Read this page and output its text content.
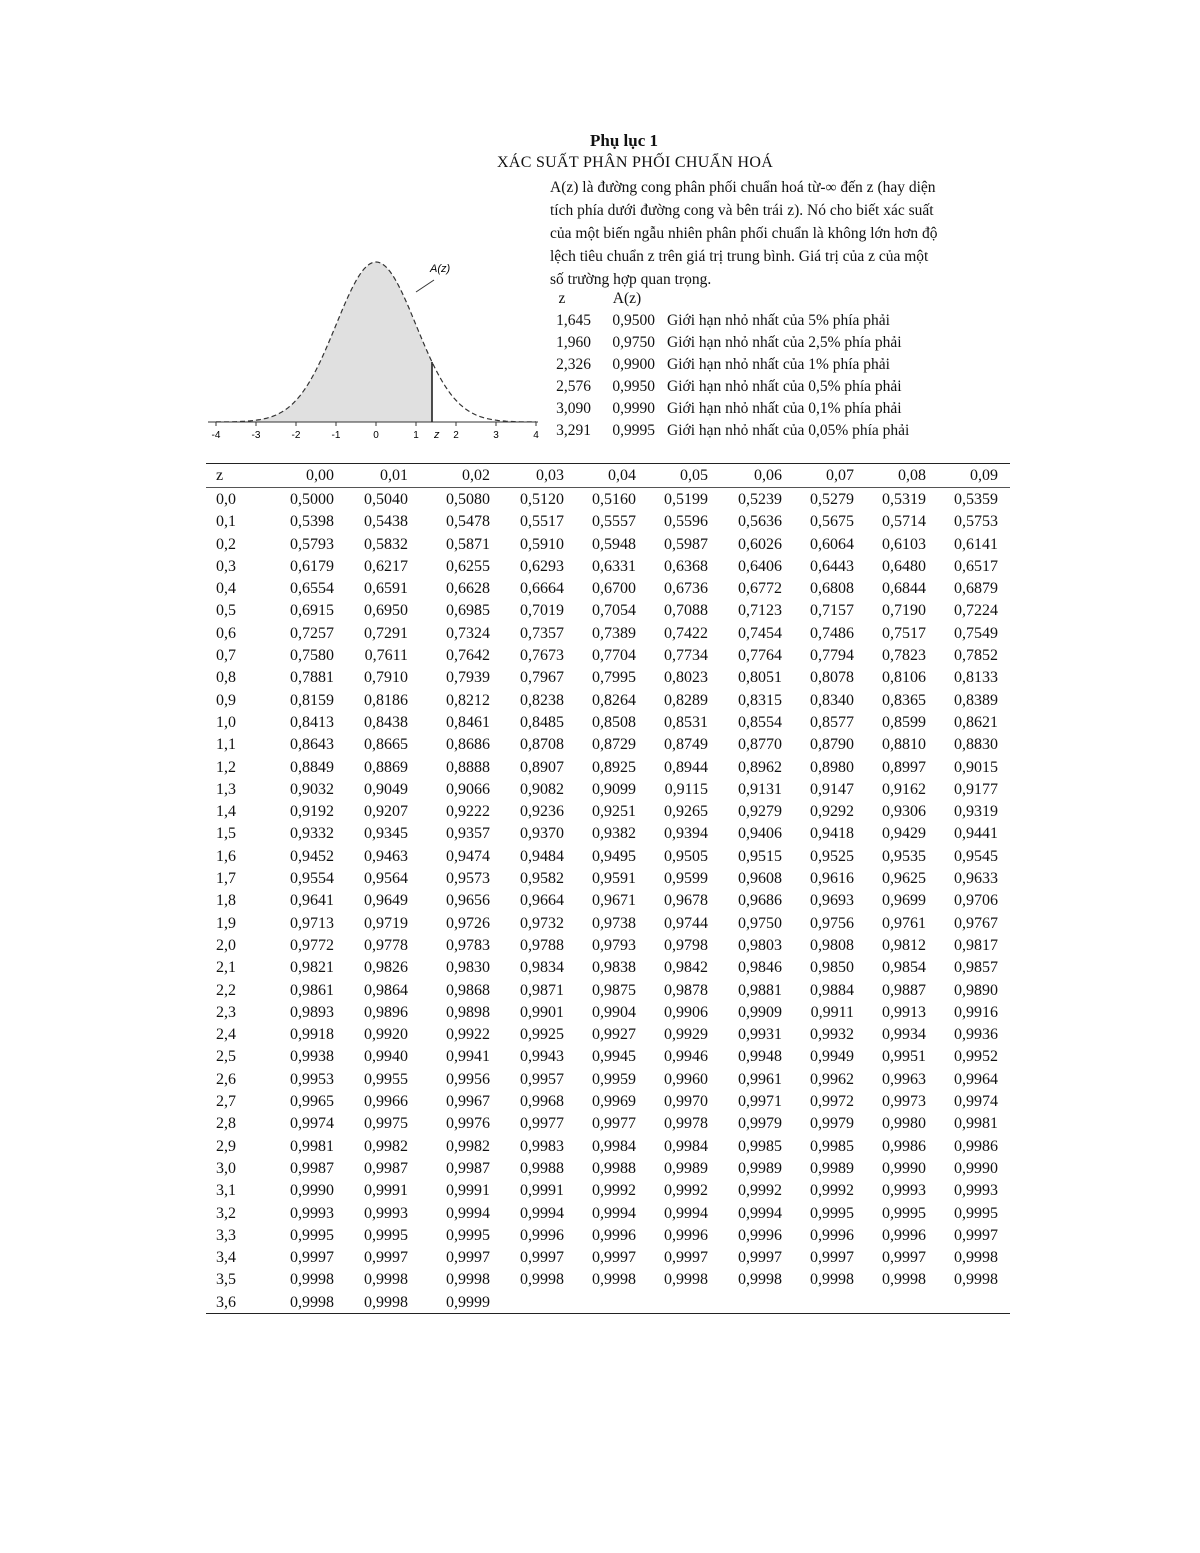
Phụ lục 1
XÁC SUẤT PHÂN PHỐI CHUẨN HOÁ
A(z) là đường cong phân phối chuẩn hoá từ-∞ đến z (hay diện
tích phía dưới đường cong và bên trái z). Nó cho biết xác suất
của một biến ngẫu nhiên phân phối chuẩn là không lớn hơn độ
lệch tiêu chuẩn z trên giá trị trung bình. Giá trị của z của một
số trường hợp quan trọng.
A(z)
-4	-3	-2	-1	0	1	2	3	4
z
z	A(z)
1,645	0,9500 Giới hạn nhỏ nhất của 5% phía phải
1,960	0,9750 Giới hạn nhỏ nhất của 2,5% phía phải
2,326	0,9900 Giới hạn nhỏ nhất của 1% phía phải
2,576	0,9950 Giới hạn nhỏ nhất của 0,5% phía phải
3,090	0,9990 Giới hạn nhỏ nhất của 0,1% phía phải
3,291	0,9995 Giới hạn nhỏ nhất của 0,05% phía phải
z	0,00	0,01	0,02	0,03	0,04	0,05	0,06	0,07	0,08	0,09
0,0	0,5000 0,5040 0,5080 0,5120 0,5160 0,5199 0,5239 0,5279 0,5319 0,5359
0,1	0,5398 0,5438 0,5478 0,5517 0,5557 0,5596 0,5636 0,5675 0,5714 0,5753
0,2	0,5793 0,5832 0,5871 0,5910 0,5948 0,5987 0,6026 0,6064 0,6103 0,6141
0,3	0,6179 0,6217 0,6255 0,6293 0,6331 0,6368 0,6406 0,6443 0,6480 0,6517
0,4	0,6554 0,6591 0,6628 0,6664 0,6700 0,6736 0,6772 0,6808 0,6844 0,6879
0,5	0,6915 0,6950 0,6985 0,7019 0,7054 0,7088 0,7123 0,7157 0,7190 0,7224
0,6	0,7257 0,7291 0,7324 0,7357 0,7389 0,7422 0,7454 0,7486 0,7517 0,7549
0,7	0,7580 0,7611 0,7642 0,7673 0,7704 0,7734 0,7764 0,7794 0,7823 0,7852
0,8	0,7881 0,7910 0,7939 0,7967 0,7995 0,8023 0,8051 0,8078 0,8106 0,8133
0,9	0,8159 0,8186 0,8212 0,8238 0,8264 0,8289 0,8315 0,8340 0,8365 0,8389
1,0	0,8413 0,8438 0,8461 0,8485 0,8508 0,8531 0,8554 0,8577 0,8599 0,8621
1,1	0,8643 0,8665 0,8686 0,8708 0,8729 0,8749 0,8770 0,8790 0,8810 0,8830
1,2	0,8849 0,8869 0,8888 0,8907 0,8925 0,8944 0,8962 0,8980 0,8997 0,9015
1,3	0,9032 0,9049 0,9066 0,9082 0,9099 0,9115 0,9131 0,9147 0,9162 0,9177
1,4	0,9192 0,9207 0,9222 0,9236 0,9251 0,9265 0,9279 0,9292 0,9306 0,9319
1,5	0,9332 0,9345 0,9357 0,9370 0,9382 0,9394 0,9406 0,9418 0,9429 0,9441
1,6	0,9452 0,9463 0,9474 0,9484 0,9495 0,9505 0,9515 0,9525 0,9535 0,9545
1,7	0,9554 0,9564 0,9573 0,9582 0,9591 0,9599 0,9608 0,9616 0,9625 0,9633
1,8	0,9641 0,9649 0,9656 0,9664 0,9671 0,9678 0,9686 0,9693 0,9699 0,9706
1,9	0,9713 0,9719 0,9726 0,9732 0,9738 0,9744 0,9750 0,9756 0,9761 0,9767
2,0	0,9772 0,9778 0,9783 0,9788 0,9793 0,9798 0,9803 0,9808 0,9812 0,9817
2,1	0,9821 0,9826 0,9830 0,9834 0,9838 0,9842 0,9846 0,9850 0,9854 0,9857
2,2	0,9861 0,9864 0,9868 0,9871 0,9875 0,9878 0,9881 0,9884 0,9887 0,9890
2,3	0,9893 0,9896 0,9898 0,9901 0,9904 0,9906 0,9909 0,9911 0,9913 0,9916
2,4	0,9918 0,9920 0,9922 0,9925 0,9927 0,9929 0,9931 0,9932 0,9934 0,9936
2,5	0,9938 0,9940 0,9941 0,9943 0,9945 0,9946 0,9948 0,9949 0,9951 0,9952
2,6	0,9953 0,9955 0,9956 0,9957 0,9959 0,9960 0,9961 0,9962 0,9963 0,9964
2,7	0,9965 0,9966 0,9967 0,9968 0,9969 0,9970 0,9971 0,9972 0,9973 0,9974
2,8	0,9974 0,9975 0,9976 0,9977 0,9977 0,9978 0,9979 0,9979 0,9980 0,9981
2,9	0,9981 0,9982 0,9982 0,9983 0,9984 0,9984 0,9985 0,9985 0,9986 0,9986
3,0	0,9987 0,9987 0,9987 0,9988 0,9988 0,9989 0,9989 0,9989 0,9990 0,9990
3,1	0,9990 0,9991 0,9991 0,9991 0,9992 0,9992 0,9992 0,9992 0,9993 0,9993
3,2	0,9993 0,9993 0,9994 0,9994 0,9994 0,9994 0,9994 0,9995 0,9995 0,9995
3,3	0,9995 0,9995 0,9995 0,9996 0,9996 0,9996 0,9996 0,9996 0,9996 0,9997
3,4	0,9997 0,9997 0,9997 0,9997 0,9997 0,9997 0,9997 0,9997 0,9997 0,9998
3,5	0,9998 0,9998 0,9998 0,9998 0,9998 0,9998 0,9998 0,9998 0,9998 0,9998
3,6	0,9998 0,9998 0,9999
